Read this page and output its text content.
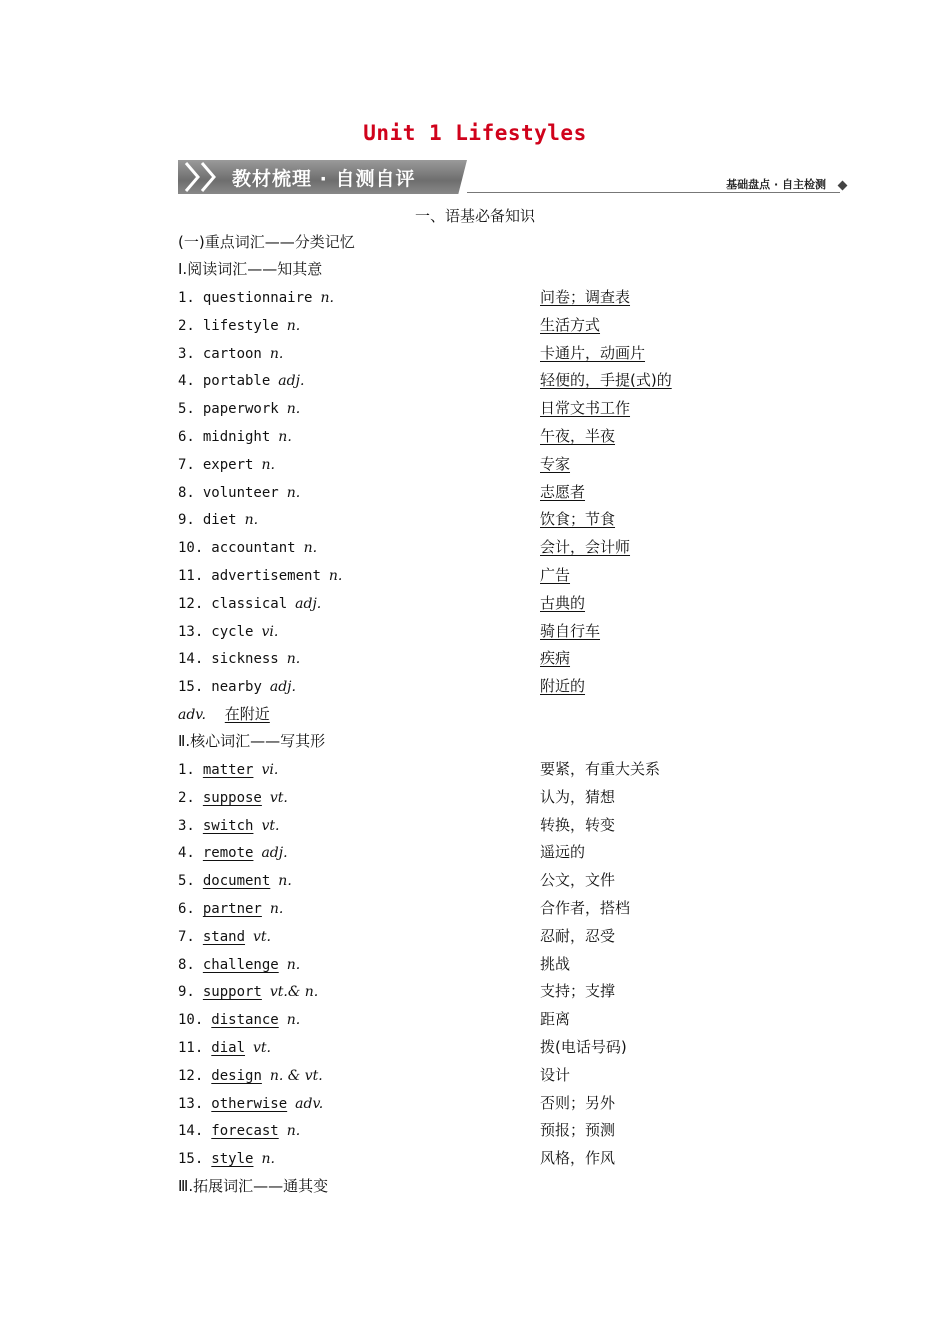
Unit 1 Lifestyles
教材梳理 · 自测自评	基础盘点 · 自主检测
一、语基必备知识
(一)重点词汇——分类记忆
Ⅰ.阅读词汇——知其意
1. questionnaire n.	问卷；调查表
2. lifestyle n.	生活方式
3. cartoon n.	卡通片，动画片
4. portable adj.	轻便的，手提(式)的
5. paperwork n.	日常文书工作
6. midnight n.	午夜，半夜
7. expert n.	专家
8. volunteer n.	志愿者
9. diet n.	饮食；节食
10. accountant n.	会计，会计师
11. advertisement n.	广告
12. classical adj.	古典的
13. cycle vi.	骑自行车
14. sickness n.	疾病
15. nearby adj.	附近的
adv. 在附近
Ⅱ.核心词汇——写其形
1. matter vi.	要紧，有重大关系
2. suppose vt.	认为，猜想
3. switch vt.	转换，转变
4. remote adj.	遥远的
5. document n.	公文，文件
6. partner n.	合作者，搭档
7. stand vt.	忍耐，忍受
8. challenge n.	挑战
9. support vt.& n.	支持；支撑
10. distance n.	距离
11. dial vt.	拨(电话号码)
12. design n. & vt.	设计
13. otherwise adv.	否则；另外
14. forecast n.	预报；预测
15. style n.	风格，作风
Ⅲ.拓展词汇——通其变
